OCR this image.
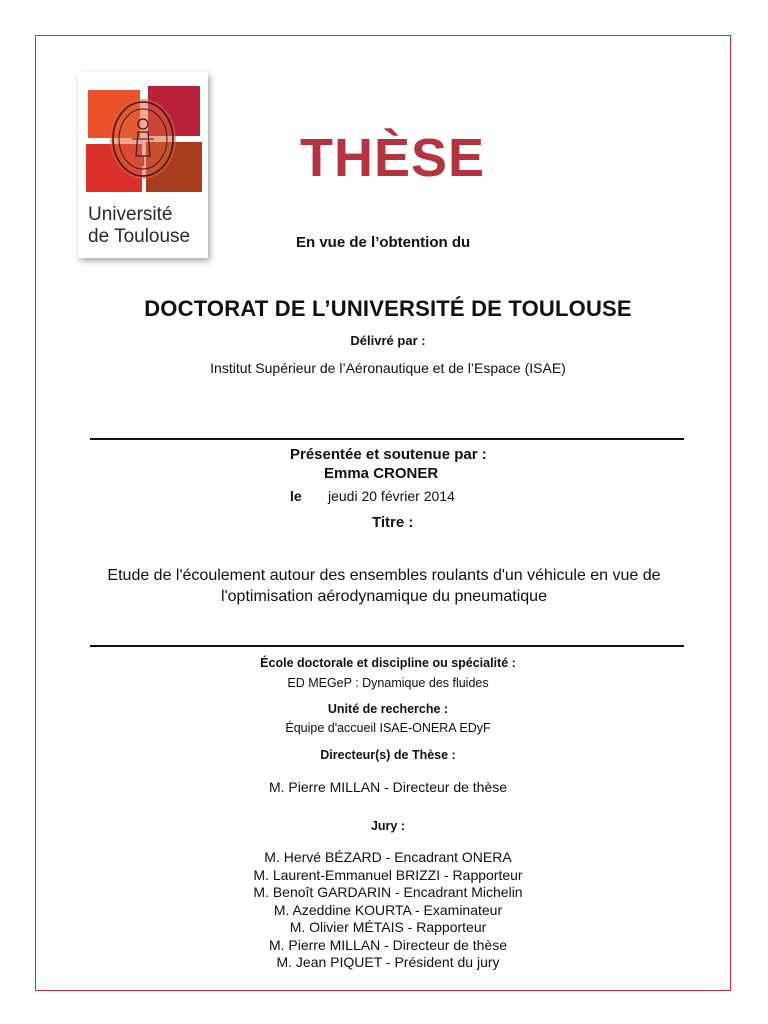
Université
de Toulouse
THÈSE
En vue de l’obtention du
DOCTORAT DE L’UNIVERSITÉ DE TOULOUSE
Délivré par :
Institut Supérieur de l’Aéronautique et de l’Espace (ISAE)
Présentée et soutenue par :
Emma CRONER
le jeudi 20 février 2014
Titre :
Etude de l'écoulement autour des ensembles roulants d'un véhicule en vue de
l'optimisation aérodynamique du pneumatique
École doctorale et discipline ou spécialité :
ED MEGeP : Dynamique des fluides
Unité de recherche :
Équipe d'accueil ISAE-ONERA EDyF
Directeur(s) de Thèse :
M. Pierre MILLAN - Directeur de thèse
Jury :
M. Hervé BÉZARD - Encadrant ONERA
M. Laurent-Emmanuel BRIZZI - Rapporteur
M. Benoît GARDARIN - Encadrant Michelin
M. Azeddine KOURTA - Examinateur
M. Olivier MÉTAIS - Rapporteur
M. Pierre MILLAN - Directeur de thèse
M. Jean PIQUET - Président du jury
